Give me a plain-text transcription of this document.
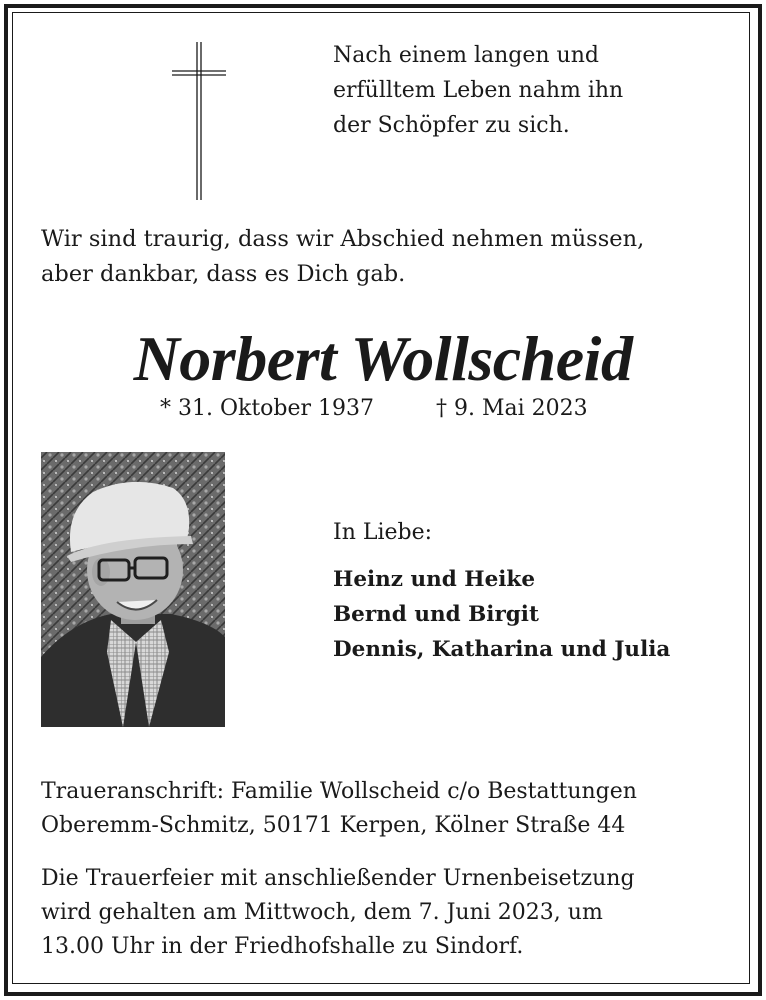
Nach einem langen und
erfülltem Leben nahm ihn
der Schöpfer zu sich.
Wir sind traurig, dass wir Abschied nehmen müssen,
aber dankbar, dass es Dich gab.
Norbert Wollscheid
* 31. Oktober 1937	† 9. Mai 2023
In Liebe:
Heinz und Heike
Bernd und Birgit
Dennis, Katharina und Julia
Traueranschrift: Familie Wollscheid c/o Bestattungen
Oberemm-Schmitz, 50171 Kerpen, Kölner Straße 44
Die Trauerfeier mit anschließender Urnenbeisetzung
wird gehalten am Mittwoch, dem 7. Juni 2023, um
13.00 Uhr in der Friedhofshalle zu Sindorf.
